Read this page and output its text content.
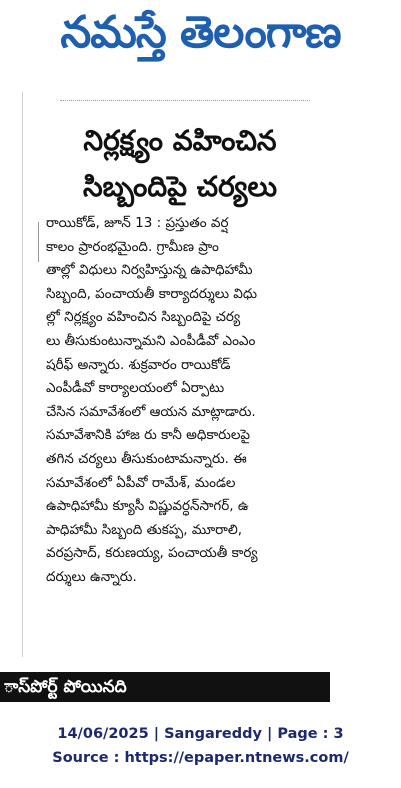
నమస్తే తెలంగాణ
నిర్లక్ష్యం వహించిన
సిబ్బందిపై చర్యలు
రాయికోడ్, జూన్ 13 : ప్రస్తుతం వర్ష
కాలం ప్రారంభమైంది. గ్రామీణ ప్రాం
తాల్లో విధులు నిర్వహిస్తున్న ఉపాధిహామీ
సిబ్బంది, పంచాయతీ కార్యాదర్శులు విధు
ల్లో నిర్లక్ష్యం వహించిన సిబ్బందిపై చర్య
లు తీసుకుంటున్నామని ఎంపీడీవో ఎంఎం
షరీఫ్ అన్నారు. శుక్రవారం రాయికోడ్
ఎంపీడీవో కార్యాలయంలో ఏర్పాటు
చేసిన సమావేశంలో ఆయన మాట్లాడారు.
సమావేశానికి హాజ రు కానీ అధికారులపై
తగిన చర్యలు తీసుకుంటామన్నారు. ఈ
సమావేశంలో ఏపీవో రామేశ్, మండల
ఉపాధిహామీ క్యూసీ విష్ణువర్ధన్‌సాగర్, ఉ
పాధిహామీ సిబ్బంది తుకప్ప, మూరాలి,
వరప్రసాద్, కరుణయ్య, పంచాయతీ కార్య
దర్శులు ఉన్నారు.
ాస్‌పోర్ట్ పోయినది
14/06/2025 | Sangareddy | Page : 3
Source : https://epaper.ntnews.com/
